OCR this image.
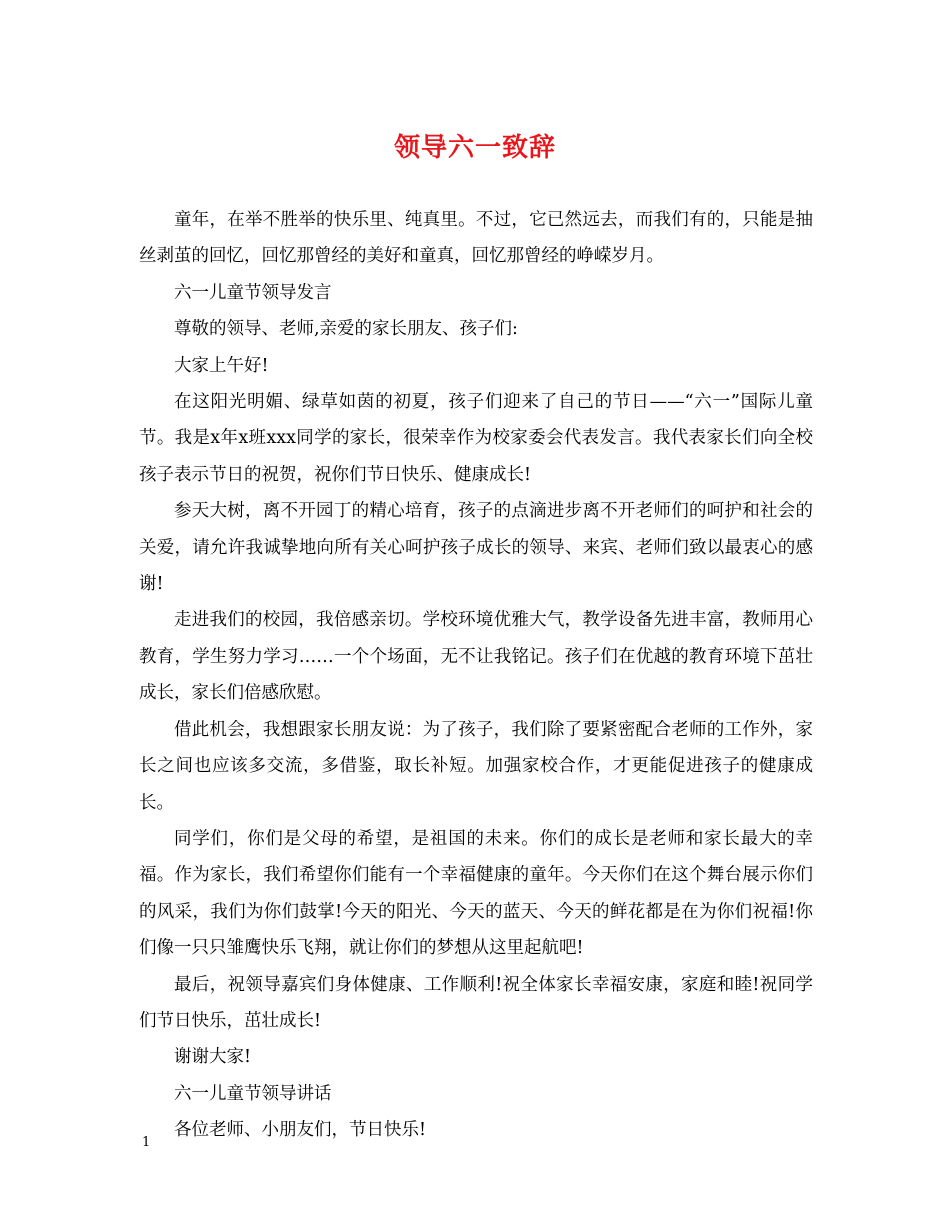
领导六一致辞

童年，在举不胜举的快乐里、纯真里。不过，它已然远去，而我们有的，只能是抽丝剥茧的回忆，回忆那曾经的美好和童真，回忆那曾经的峥嵘岁月。

六一儿童节领导发言

尊敬的领导、老师,亲爱的家长朋友、孩子们:

大家上午好!

在这阳光明媚、绿草如茵的初夏，孩子们迎来了自己的节日——“六一”国际儿童节。我是x年x班xxx同学的家长，很荣幸作为校家委会代表发言。我代表家长们向全校孩子表示节日的祝贺，祝你们节日快乐、健康成长!

参天大树，离不开园丁的精心培育，孩子的点滴进步离不开老师们的呵护和社会的关爱，请允许我诚挚地向所有关心呵护孩子成长的领导、来宾、老师们致以最衷心的感谢!

走进我们的校园，我倍感亲切。学校环境优雅大气，教学设备先进丰富，教师用心教育，学生努力学习……一个个场面，无不让我铭记。孩子们在优越的教育环境下茁壮成长，家长们倍感欣慰。

借此机会，我想跟家长朋友说：为了孩子，我们除了要紧密配合老师的工作外，家长之间也应该多交流，多借鉴，取长补短。加强家校合作，才更能促进孩子的健康成长。

同学们，你们是父母的希望，是祖国的未来。你们的成长是老师和家长最大的幸福。作为家长，我们希望你们能有一个幸福健康的童年。今天你们在这个舞台展示你们的风采，我们为你们鼓掌!今天的阳光、今天的蓝天、今天的鲜花都是在为你们祝福!你们像一只只雏鹰快乐飞翔，就让你们的梦想从这里起航吧!

最后，祝领导嘉宾们身体健康、工作顺利!祝全体家长幸福安康，家庭和睦!祝同学们节日快乐，茁壮成长!

谢谢大家!

六一儿童节领导讲话

各位老师、小朋友们，节日快乐!

1
